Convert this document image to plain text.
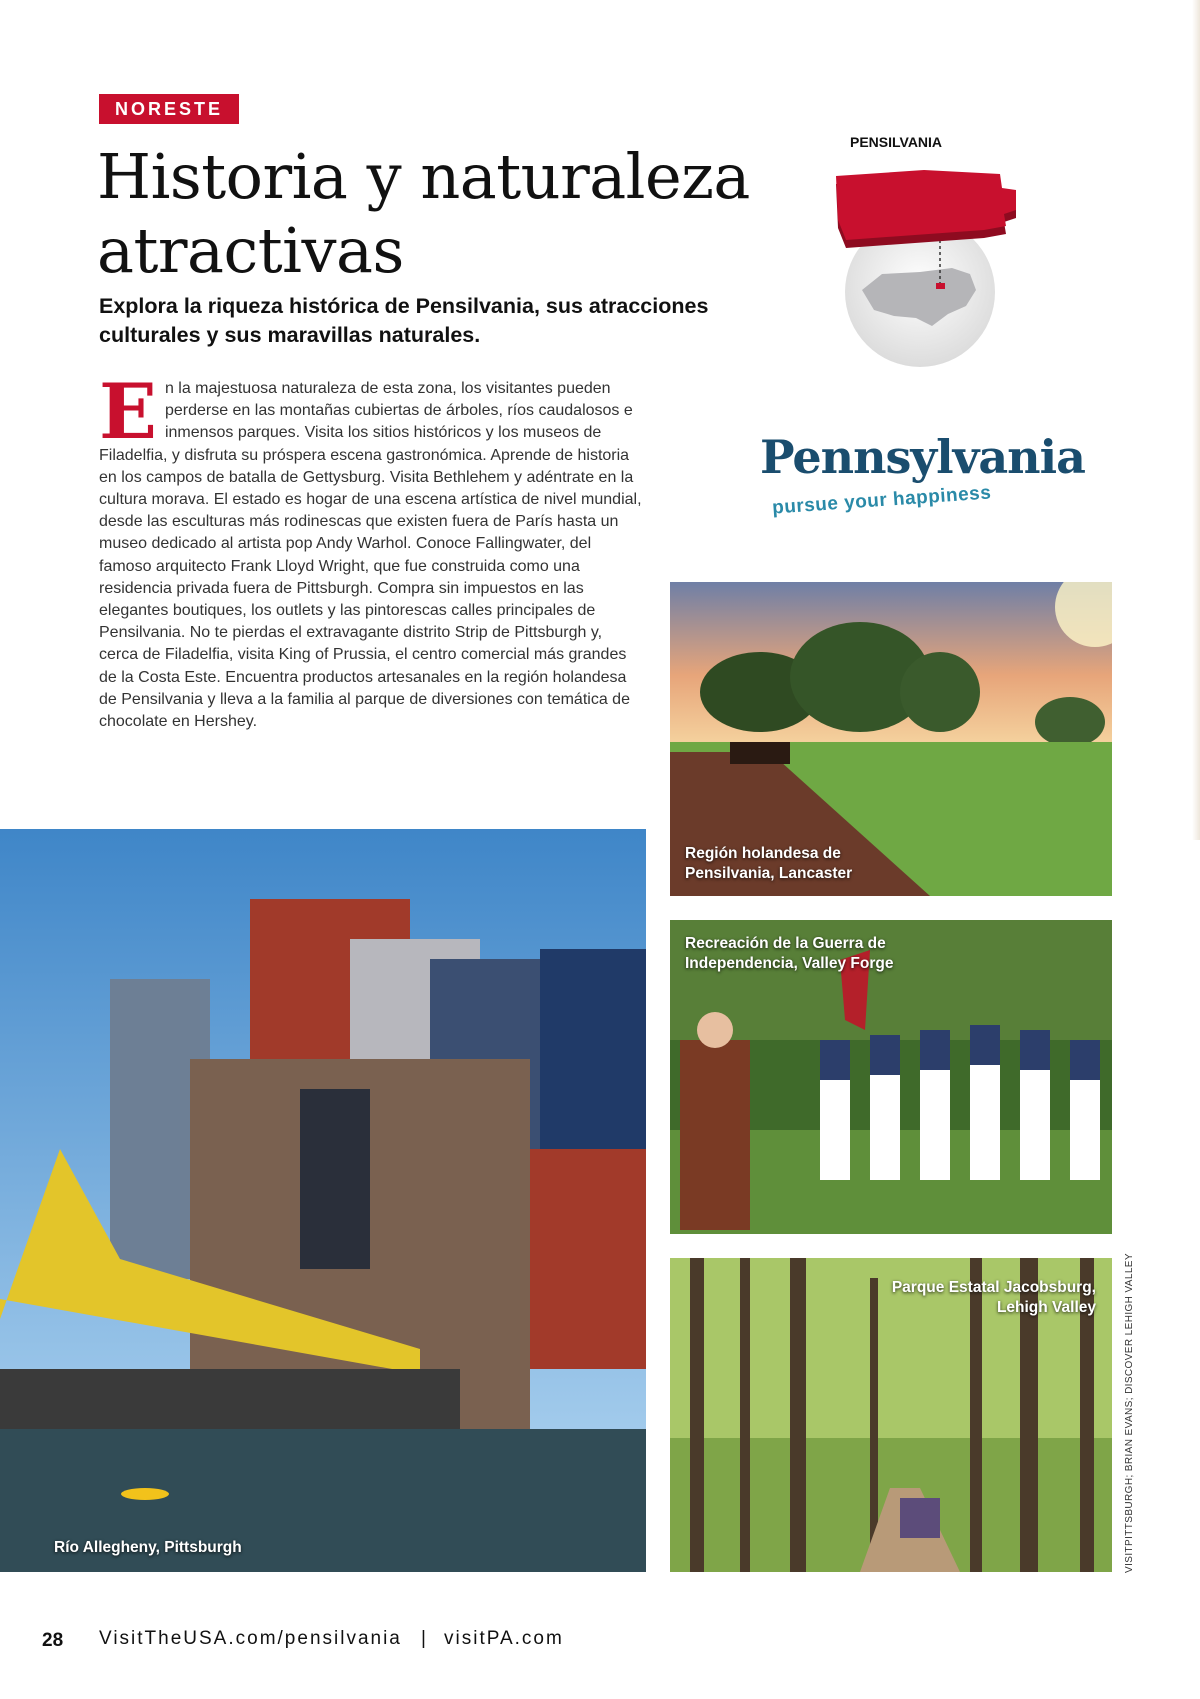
NORESTE
Historia y naturaleza atractivas

Explora la riqueza histórica de Pensilvania, sus atracciones culturales y sus maravillas naturales.

En la majestuosa naturaleza de esta zona, los visitantes pueden perderse en las montañas cubiertas de árboles, ríos caudalosos e inmensos parques. Visita los sitios históricos y los museos de Filadelfia, y disfruta su próspera escena gastronómica. Aprende de historia en los campos de batalla de Gettysburg. Visita Bethlehem y adéntrate en la cultura morava. El estado es hogar de una escena artística de nivel mundial, desde las esculturas más rodinescas que existen fuera de París hasta un museo dedicado al artista pop Andy Warhol. Conoce Fallingwater, del famoso arquitecto Frank Lloyd Wright, que fue construida como una residencia privada fuera de Pittsburgh. Compra sin impuestos en las elegantes boutiques, los outlets y las pintorescas calles principales de Pensilvania. No te pierdas el extravagante distrito Strip de Pittsburgh y, cerca de Filadelfia, visita King of Prussia, el centro comercial más grandes de la Costa Este. Encuentra productos artesanales en la región holandesa de Pensilvania y lleva a la familia al parque de diversiones con temática de chocolate en Hershey.

PENSILVANIA
Pennsylvania
pursue your happiness

Región holandesa de
Pensilvania, Lancaster

Recreación de la Guerra de
Independencia, Valley Forge

Parque Estatal Jacobsburg,
Lehigh Valley

Río Allegheny, Pittsburgh	VISITPITTSBURGH; BRIAN EVANS; DISCOVER LEHIGH VALLEY
28 VisitTheUSA.com/pensilvania | visitPA.com
